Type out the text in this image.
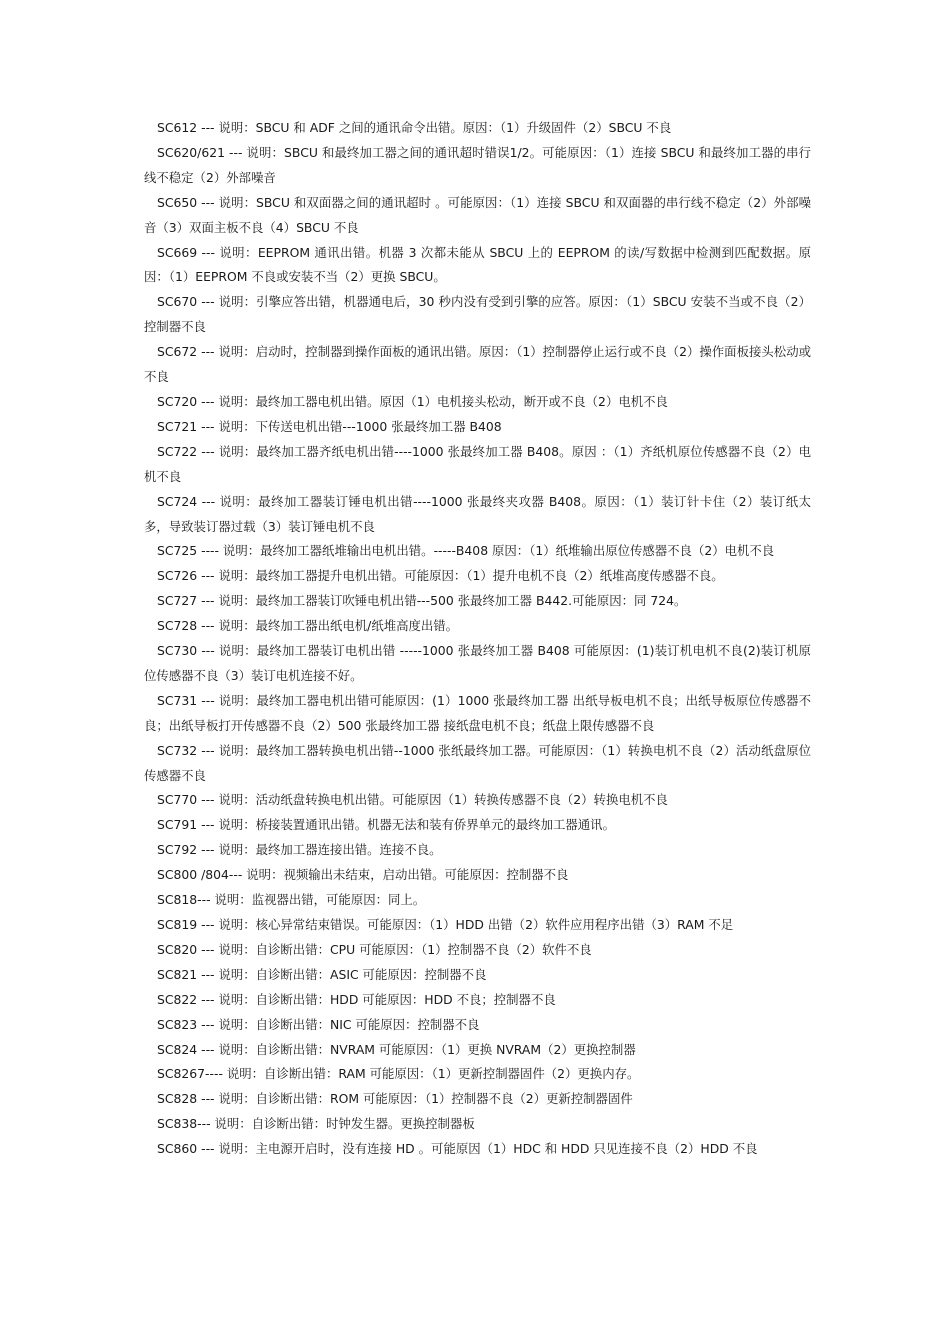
SC612 --- 说明：SBCU 和 ADF 之间的通讯命令出错。原因：（1）升级固件（2）SBCU 不良

SC620/621 --- 说明：SBCU 和最终加工器之间的通讯超时错误1/2。可能原因：（1）连接 SBCU 和最终加工器的串行线不稳定（2）外部噪音

SC650 --- 说明：SBCU 和双面器之间的通讯超时 。可能原因：（1）连接 SBCU 和双面器的串行线不稳定（2）外部噪音（3）双面主板不良（4）SBCU 不良

SC669 --- 说明：EEPROM 通讯出错。机器 3 次都未能从 SBCU 上的 EEPROM 的读/写数据中检测到匹配数据。原因：（1）EEPROM 不良或安装不当（2）更换 SBCU。

SC670 --- 说明：引擎应答出错，机器通电后，30 秒内没有受到引擎的应答。原因：（1）SBCU 安装不当或不良（2）控制器不良

SC672 --- 说明：启动时，控制器到操作面板的通讯出错。原因：（1）控制器停止运行或不良（2）操作面板接头松动或不良

SC720 --- 说明：最终加工器电机出错。原因（1）电机接头松动，断开或不良（2）电机不良

SC721 --- 说明：下传送电机出错---1000 张最终加工器 B408

SC722 --- 说明：最终加工器齐纸电机出错----1000 张最终加工器 B408。原因 ：（1）齐纸机原位传感器不良（2）电机不良

SC724 --- 说明：最终加工器装订锤电机出错----1000 张最终夹攻器 B408。原因：（1）装订针卡住（2）装订纸太多，导致装订器过载（3）装订锤电机不良

SC725 ---- 说明：最终加工器纸堆输出电机出错。-----B408 原因：（1）纸堆输出原位传感器不良（2）电机不良

SC726 --- 说明：最终加工器提升电机出错。可能原因：（1）提升电机不良（2）纸堆高度传感器不良。

SC727 --- 说明：最终加工器装订吹锤电机出错---500 张最终加工器 B442.可能原因：同 724。

SC728 --- 说明：最终加工器出纸电机/纸堆高度出错。

SC730 --- 说明：最终加工器装订电机出错 -----1000 张最终加工器 B408 可能原因：(1)装订机电机不良(2)装订机原位传感器不良（3）装订电机连接不好。

SC731 --- 说明：最终加工器电机出错可能原因：(1）1000 张最终加工器 出纸导板电机不良；出纸导板原位传感器不良；出纸导板打开传感器不良（2）500 张最终加工器 接纸盘电机不良；纸盘上限传感器不良

SC732 --- 说明：最终加工器转换电机出错--1000 张纸最终加工器。可能原因：（1）转换电机不良（2）活动纸盘原位传感器不良

SC770 --- 说明：活动纸盘转换电机出错。可能原因（1）转换传感器不良（2）转换电机不良

SC791 --- 说明：桥接装置通讯出错。机器无法和装有侨界单元的最终加工器通讯。

SC792 --- 说明：最终加工器连接出错。连接不良。

SC800 /804--- 说明：视频输出未结束，启动出错。可能原因：控制器不良

SC818--- 说明：监视器出错，可能原因：同上。

SC819 --- 说明：核心异常结束错误。可能原因：（1）HDD 出错（2）软件应用程序出错（3）RAM 不足

SC820 --- 说明：自诊断出错：CPU 可能原因：（1）控制器不良（2）软件不良

SC821 --- 说明：自诊断出错：ASIC 可能原因：控制器不良

SC822 --- 说明：自诊断出错：HDD 可能原因：HDD 不良；控制器不良

SC823 --- 说明：自诊断出错：NIC 可能原因：控制器不良

SC824 --- 说明：自诊断出错：NVRAM 可能原因：（1）更换 NVRAM（2）更换控制器

SC8267---- 说明：自诊断出错：RAM 可能原因：（1）更新控制器固件（2）更换内存。

SC828 --- 说明：自诊断出错：ROM 可能原因：（1）控制器不良（2）更新控制器固件

SC838--- 说明：自诊断出错：时钟发生器。更换控制器板

SC860 --- 说明：主电源开启时，没有连接 HD 。可能原因（1）HDC 和 HDD 只见连接不良（2）HDD 不良
